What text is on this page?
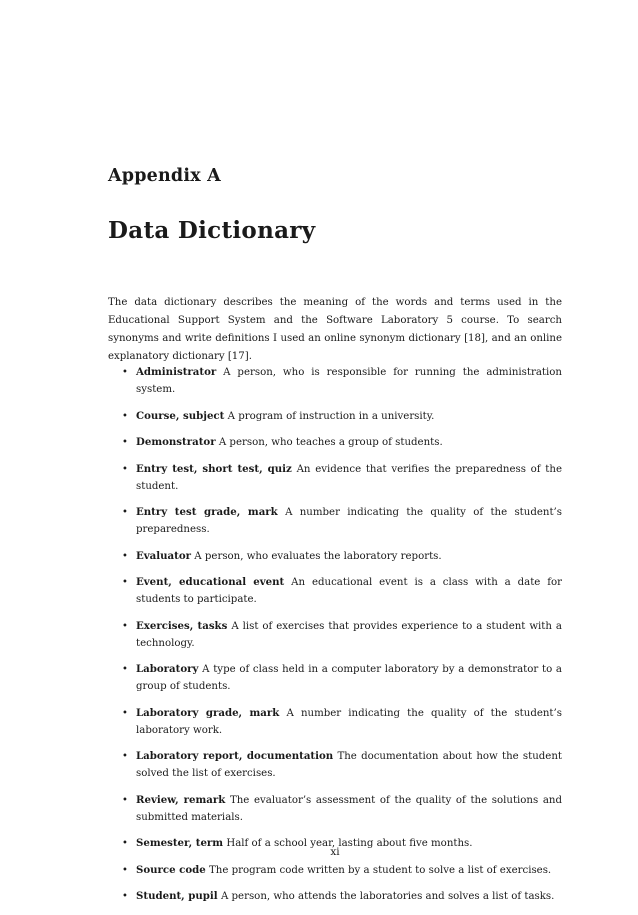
Appendix A
Data Dictionary

The data dictionary describes the meaning of the words and terms used in the Educational Support System and the Software Laboratory 5 course. To search synonyms and write definitions I used an online synonym dictionary [18], and an online explanatory dictionary [17].

• Administrator A person, who is responsible for running the administration system.
• Course, subject A program of instruction in a university.
• Demonstrator A person, who teaches a group of students.
• Entry test, short test, quiz An evidence that verifies the preparedness of the student.
• Entry test grade, mark A number indicating the quality of the student’s preparedness.
• Evaluator A person, who evaluates the laboratory reports.
• Event, educational event An educational event is a class with a date for students to participate.
• Exercises, tasks A list of exercises that provides experience to a student with a technology.
• Laboratory A type of class held in a computer laboratory by a demonstrator to a group of students.
• Laboratory grade, mark A number indicating the quality of the student’s laboratory work.
• Laboratory report, documentation The documentation about how the student solved the list of exercises.
• Review, remark The evaluator’s assessment of the quality of the solutions and submitted materials.
• Semester, term Half of a school year, lasting about five months.
• Source code The program code written by a student to solve a list of exercises.
• Student, pupil A person, who attends the laboratories and solves a list of tasks.
xi
